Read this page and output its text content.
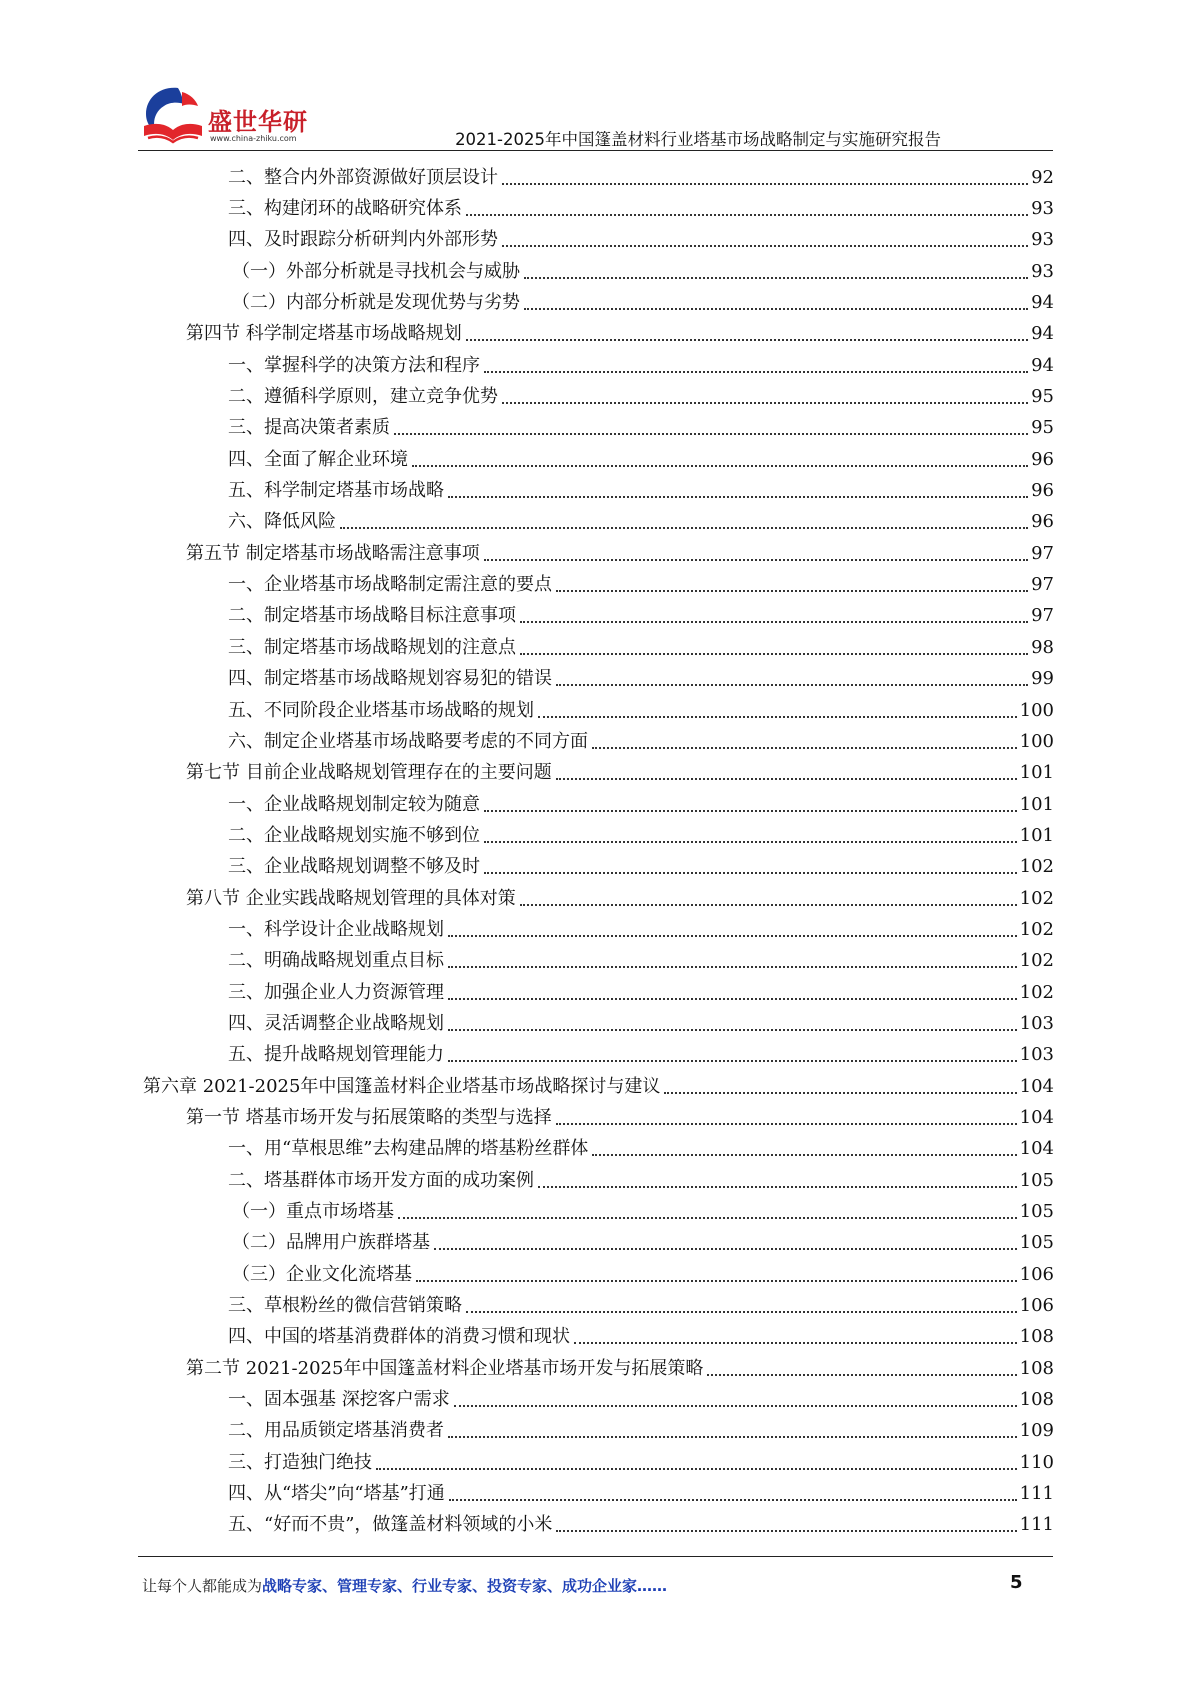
盛世华研
www.china-zhiku.com	2021-2025年中国篷盖材料行业塔基市场战略制定与实施研究报告
二、整合内外部资源做好顶层设计	92
三、构建闭环的战略研究体系	93
四、及时跟踪分析研判内外部形势	93
（一）外部分析就是寻找机会与威胁	93
（二）内部分析就是发现优势与劣势	94
第四节 科学制定塔基市场战略规划	94
一、掌握科学的决策方法和程序	94
二、遵循科学原则，建立竞争优势	95
三、提高决策者素质	95
四、全面了解企业环境	96
五、科学制定塔基市场战略	96
六、降低风险	96
第五节 制定塔基市场战略需注意事项	97
一、企业塔基市场战略制定需注意的要点	97
二、制定塔基市场战略目标注意事项	97
三、制定塔基市场战略规划的注意点	98
四、制定塔基市场战略规划容易犯的错误	99
五、不同阶段企业塔基市场战略的规划	100
六、制定企业塔基市场战略要考虑的不同方面	100
第七节 目前企业战略规划管理存在的主要问题	101
一、企业战略规划制定较为随意	101
二、企业战略规划实施不够到位	101
三、企业战略规划调整不够及时	102
第八节 企业实践战略规划管理的具体对策	102
一、科学设计企业战略规划	102
二、明确战略规划重点目标	102
三、加强企业人力资源管理	102
四、灵活调整企业战略规划	103
五、提升战略规划管理能力	103
第六章 2021-2025年中国篷盖材料企业塔基市场战略探讨与建议	104
第一节 塔基市场开发与拓展策略的类型与选择	104
一、用“草根思维”去构建品牌的塔基粉丝群体	104
二、塔基群体市场开发方面的成功案例	105
（一）重点市场塔基	105
（二）品牌用户族群塔基	105
（三）企业文化流塔基	106
三、草根粉丝的微信营销策略	106
四、中国的塔基消费群体的消费习惯和现状	108
第二节 2021-2025年中国篷盖材料企业塔基市场开发与拓展策略	108
一、固本强基 深挖客户需求	108
二、用品质锁定塔基消费者	109
三、打造独门绝技	110
四、从“塔尖”向“塔基”打通	111
五、“好而不贵”，做篷盖材料领域的小米	111
让每个人都能成为战略专家、管理专家、行业专家、投资专家、成功企业家……	5
